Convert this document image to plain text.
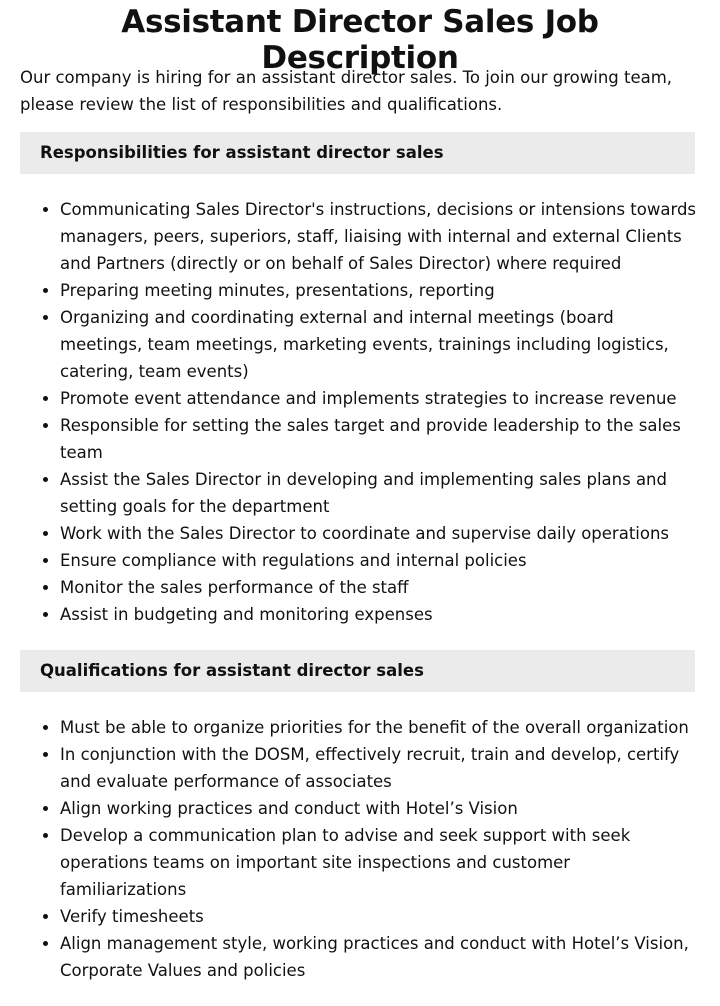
Assistant Director Sales Job Description

Our company is hiring for an assistant director sales. To join our growing team, please review the list of responsibilities and qualifications.

Responsibilities for assistant director sales
• Communicating Sales Director's instructions, decisions or intensions towards managers, peers, superiors, staff, liaising with internal and external Clients and Partners (directly or on behalf of Sales Director) where required
• Preparing meeting minutes, presentations, reporting
• Organizing and coordinating external and internal meetings (board meetings, team meetings, marketing events, trainings including logistics, catering, team events)
• Promote event attendance and implements strategies to increase revenue
• Responsible for setting the sales target and provide leadership to the sales team
• Assist the Sales Director in developing and implementing sales plans and setting goals for the department
• Work with the Sales Director to coordinate and supervise daily operations
• Ensure compliance with regulations and internal policies
• Monitor the sales performance of the staff
• Assist in budgeting and monitoring expenses
Qualifications for assistant director sales
• Must be able to organize priorities for the benefit of the overall organization
• In conjunction with the DOSM, effectively recruit, train and develop, certify and evaluate performance of associates
• Align working practices and conduct with Hotel’s Vision
• Develop a communication plan to advise and seek support with seek operations teams on important site inspections and customer familiarizations
• Verify timesheets
• Align management style, working practices and conduct with Hotel’s Vision, Corporate Values and policies
